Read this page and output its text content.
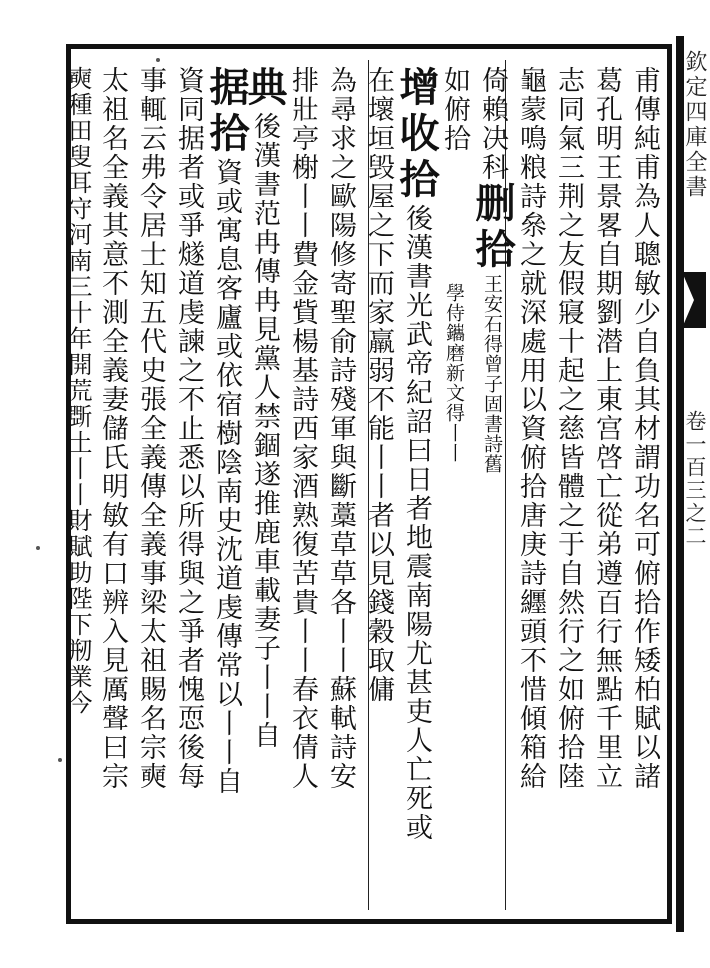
欽定四庫全書
卷一百三之二
甫傳純甫為人聰敏少自負其材謂功名可俯拾作矮柏賦以諸
葛孔明王景畧自期劉潜上東宫啓亡從弟遵百行無點千里立
志同氣三荆之友假寢十起之慈皆體之于自然行之如俯拾陸
龜蒙鳴粮詩㕘之就深處用以資俯拾唐庚詩纒頭不惜傾箱給
倚賴决科删拾王安石得曾子固書詩舊
如俯拾學侍鑴磨新文得丨丨
增收拾後漢書光武帝紀詔曰日者地震南陽尤甚吏人亡死或
在壞垣毁屋之下而家羸弱不能丨丨者以見錢穀取傭
為尋求之歐陽修寄聖俞詩殘軍與斷藁草草各丨丨蘇軾詩安
排壯亭榭丨丨費金貲楊基詩西家酒熟復苦貴丨丨春衣倩人
典後漢書范冉傳冉見黨人禁錮遂推鹿車載妻子丨丨自
据拾資或寓息客廬或依宿樹陰南史沈道虔傳常以丨丨自
資同据者或爭燧道虔諫之不止悉以所得與之爭者愧恧後每
事輒云弗令居士知五代史張全義傳全義事梁太祖賜名宗奭
太祖名全義其意不測全義妻儲氏明敏有口辨入見厲聲曰宗
奭種田叟耳守河南三十年開荒斲土丨丨財賦助陛下剏業今
